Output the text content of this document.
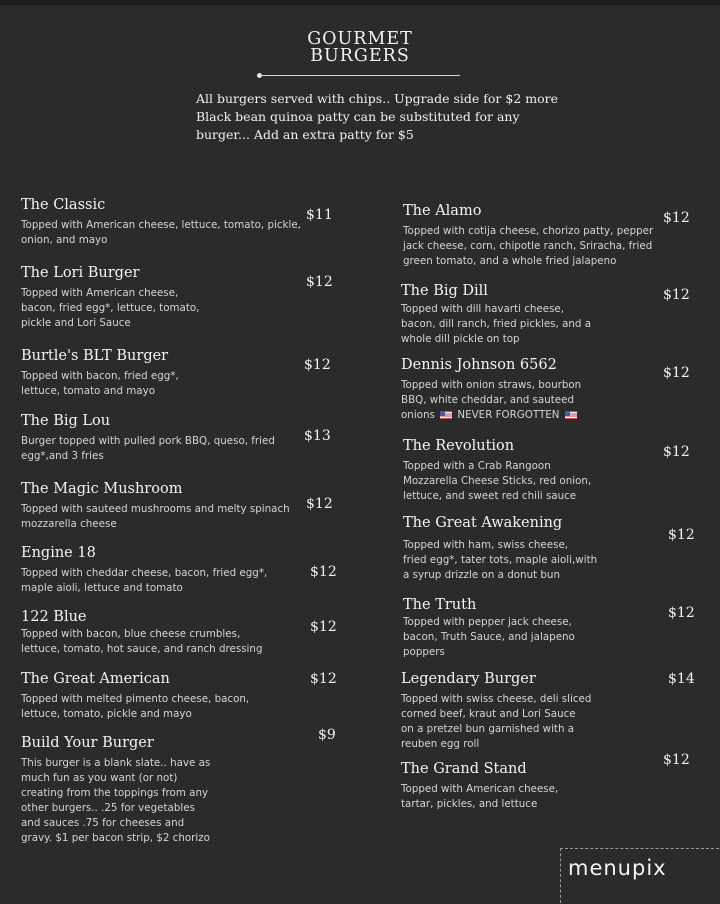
GOURMET
BURGERS
All burgers served with chips.. Upgrade side for $2 more
Black bean quinoa patty can be substituted for any
burger... Add an extra patty for $5
The Classic
Topped with American cheese, lettuce, tomato, pickle,
onion, and mayo
$11
The Lori Burger
Topped with American cheese,
bacon, fried egg*, lettuce, tomato,
pickle and Lori Sauce
$12
Burtle's BLT Burger
Topped with bacon, fried egg*,
lettuce, tomato and mayo
$12
The Big Lou
Burger topped with pulled pork BBQ, queso, fried
egg*,and 3 fries
$13
The Magic Mushroom
Topped with sauteed mushrooms and melty spinach
mozzarella cheese
$12
Engine 18
Topped with cheddar cheese, bacon, fried egg*,
maple aioli, lettuce and tomato
$12
122 Blue
Topped with bacon, blue cheese crumbles,
lettuce, tomato, hot sauce, and ranch dressing
$12
The Great American
Topped with melted pimento cheese, bacon,
lettuce, tomato, pickle and mayo
$12
Build Your Burger
This burger is a blank slate.. have as
much fun as you want (or not)
creating from the toppings from any
other burgers.. .25 for vegetables
and sauces .75 for cheeses and
gravy. $1 per bacon strip, $2 chorizo
$9
The Alamo
Topped with cotija cheese, chorizo patty, pepper
jack cheese, corn, chipotle ranch, Sriracha, fried
green tomato, and a whole fried jalapeno
$12
The Big Dill
Topped with dill havarti cheese,
bacon, dill ranch, fried pickles, and a
whole dill pickle on top
$12
Dennis Johnson 6562
Topped with onion straws, bourbon
BBQ, white cheddar, and sauteed
onions  NEVER FORGOTTEN
$12
The Revolution
Topped with a Crab Rangoon
Mozzarella Cheese Sticks, red onion,
lettuce, and sweet red chili sauce
$12
The Great Awakening
Topped with ham, swiss cheese,
fried egg*, tater tots, maple aioli,with
a syrup drizzle on a donut bun
$12
The Truth
Topped with pepper jack cheese,
bacon, Truth Sauce, and jalapeno
poppers
$12
Legendary Burger
Topped with swiss cheese, deli sliced
corned beef, kraut and Lori Sauce
on a pretzel bun garnished with a
reuben egg roll
$14
The Grand Stand
Topped with American cheese,
tartar, pickles, and lettuce
$12
menupix
